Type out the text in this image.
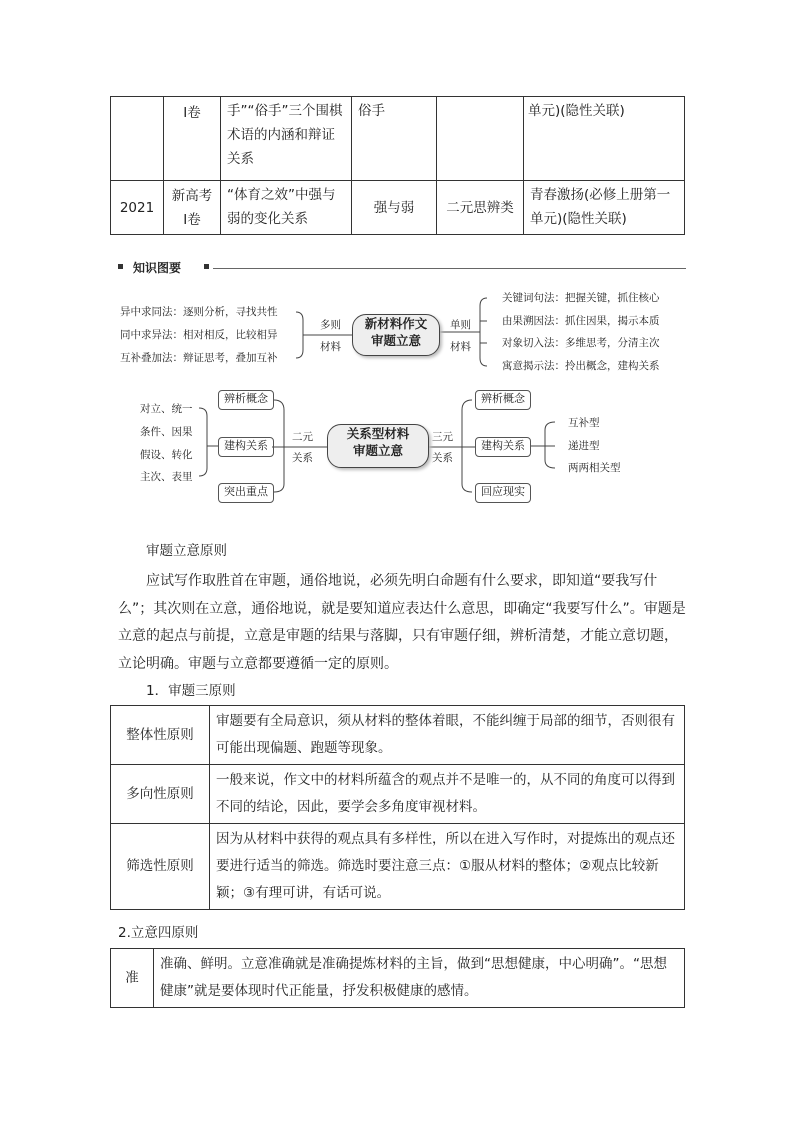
	Ⅰ卷	手”“俗手”三个围棋术语的内涵和辩证关系	俗手		单元)(隐性关联)
2021	新高考Ⅰ卷	“体育之效”中强与弱的变化关系	强与弱	二元思辨类	青春激扬(必修上册第一单元)(隐性关联)
知识图要
异中求同法：逐则分析，寻找共性
同中求异法：相对相反，比较相异
互补叠加法：辩证思考，叠加互补
多则
材料
新材料作文
审题立意
单则
材料
关键词句法：把握关键，抓住核心
由果溯因法：抓住因果，揭示本质
对象切入法：多维思考，分清主次
寓意揭示法：拎出概念，建构关系
对立、统一
条件、因果
假设、转化
主次、表里
辨析概念
建构关系
突出重点
二元
关系
关系型材料
审题立意
三元
关系
辨析概念
建构关系
回应现实
互补型
递进型
两两相关型
审题立意原则
应试写作取胜首在审题，通俗地说，必须先明白命题有什么要求，即知道“要我写什么”；其次则在立意，通俗地说，就是要知道应表达什么意思，即确定“我要写什么”。审题是立意的起点与前提，立意是审题的结果与落脚，只有审题仔细，辨析清楚，才能立意切题，立论明确。审题与立意都要遵循一定的原则。
1．审题三原则
整体性原则	审题要有全局意识，须从材料的整体着眼，不能纠缠于局部的细节，否则很有可能出现偏题、跑题等现象。
多向性原则	一般来说，作文中的材料所蕴含的观点并不是唯一的，从不同的角度可以得到不同的结论，因此，要学会多角度审视材料。
筛选性原则	因为从材料中获得的观点具有多样性，所以在进入写作时，对提炼出的观点还要进行适当的筛选。筛选时要注意三点：①服从材料的整体；②观点比较新颖；③有理可讲，有话可说。
2.立意四原则
准	准确、鲜明。立意准确就是准确提炼材料的主旨，做到“思想健康，中心明确”。“思想健康”就是要体现时代正能量，抒发积极健康的感情。
